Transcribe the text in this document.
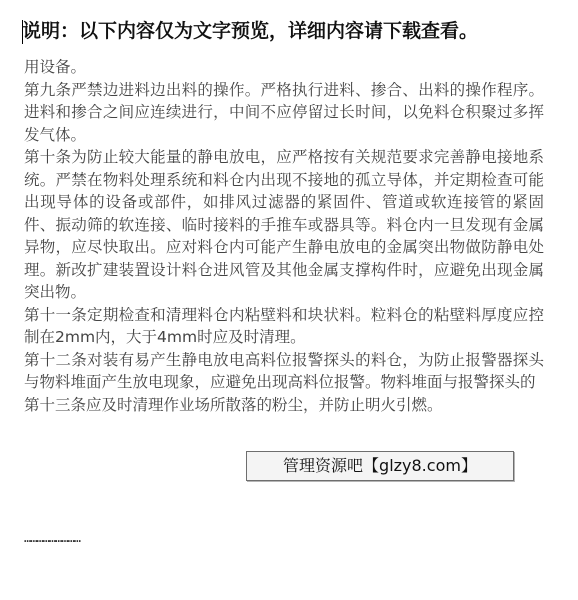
说明：以下内容仅为文字预览，详细内容请下载查看。

用设备。

第九条严禁边进料边出料的操作。严格执行进料、掺合、出料的操作程序。进料和掺合之间应连续进行，中间不应停留过长时间，以免料仓积聚过多挥发气体。

第十条为防止较大能量的静电放电，应严格按有关规范要求完善静电接地系统。严禁在物料处理系统和料仓内出现不接地的孤立导体，并定期检查可能出现导体的设备或部件，如排风过滤器的紧固件、管道或软连接管的紧固件、振动筛的软连接、临时接料的手推车或器具等。料仓内一旦发现有金属异物，应尽快取出。应对料仓内可能产生静电放电的金属突出物做防静电处理。新改扩建装置设计料仓进风管及其他金属支撑构件时，应避免出现金属突出物。

第十一条定期检查和清理料仓内粘壁料和块状料。粒料仓的粘壁料厚度应控制在2mm内，大于4mm时应及时清理。

第十二条对装有易产生静电放电高料位报警探头的料仓，为防止报警器探头与物料堆面产生放电现象，应避免出现高料位报警。物料堆面与报警探头的

第十三条应及时清理作业场所散落的粉尘，并防止明火引燃。

管理资源吧【glzy8.com】
………………………
